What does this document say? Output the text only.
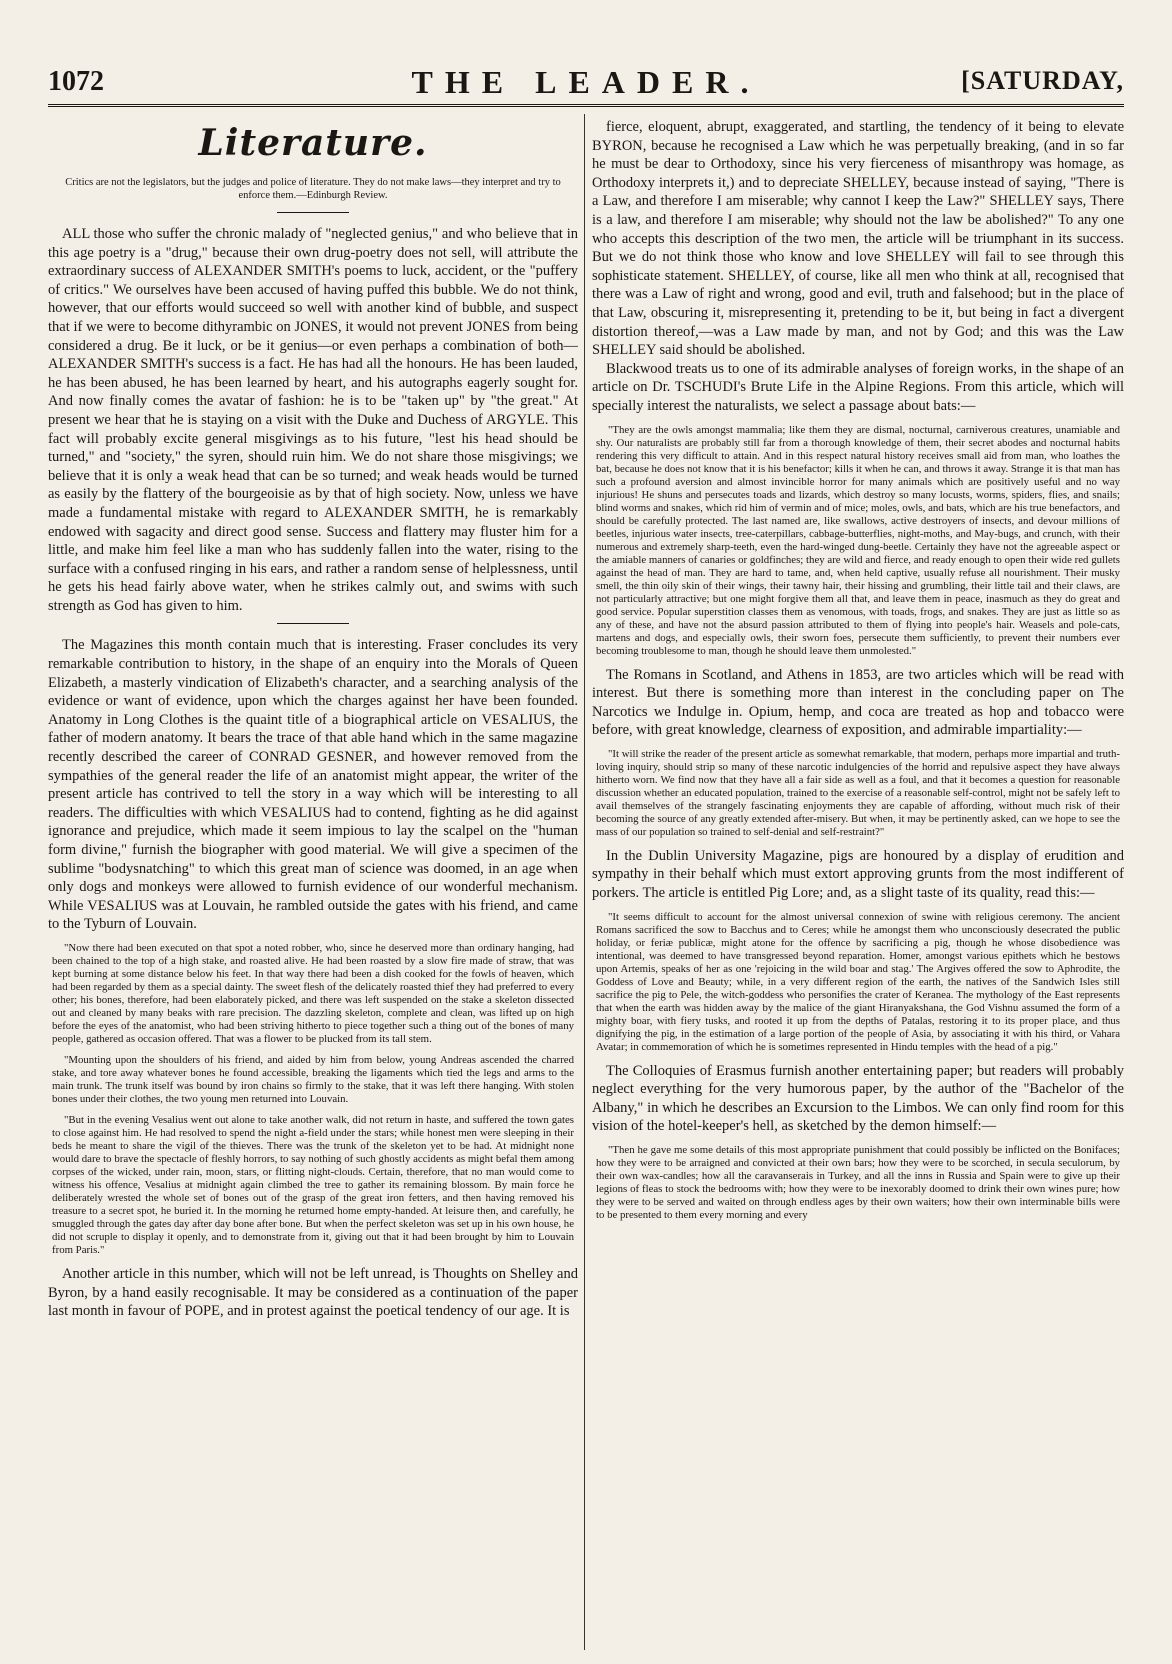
1072	THE LEADER.	[SATURDAY,
Literature.
Critics are not the legislators, but the judges and police of literature. They do not make laws—they interpret and try to enforce them.—Edinburgh Review.

ALL those who suffer the chronic malady of "neglected genius," and who believe that in this age poetry is a "drug," because their own drug-poetry does not sell, will attribute the extraordinary success of ALEXANDER SMITH's poems to luck, accident, or the "puffery of critics." We ourselves have been accused of having puffed this bubble. We do not think, however, that our efforts would succeed so well with another kind of bubble, and suspect that if we were to become dithyrambic on JONES, it would not prevent JONES from being considered a drug. Be it luck, or be it genius—or even perhaps a combination of both—ALEXANDER SMITH's success is a fact. He has had all the honours. He has been lauded, he has been abused, he has been learned by heart, and his autographs eagerly sought for. And now finally comes the avatar of fashion: he is to be "taken up" by "the great." At present we hear that he is staying on a visit with the Duke and Duchess of ARGYLE. This fact will probably excite general misgivings as to his future, "lest his head should be turned," and "society," the syren, should ruin him. We do not share those misgivings; we believe that it is only a weak head that can be so turned; and weak heads would be turned as easily by the flattery of the bourgeoisie as by that of high society. Now, unless we have made a fundamental mistake with regard to ALEXANDER SMITH, he is remarkably endowed with sagacity and direct good sense. Success and flattery may fluster him for a little, and make him feel like a man who has suddenly fallen into the water, rising to the surface with a confused ringing in his ears, and rather a random sense of helplessness, until he gets his head fairly above water, when he strikes calmly out, and swims with such strength as God has given to him.

The Magazines this month contain much that is interesting. Fraser concludes its very remarkable contribution to history, in the shape of an enquiry into the Morals of Queen Elizabeth, a masterly vindication of Elizabeth's character, and a searching analysis of the evidence or want of evidence, upon which the charges against her have been founded. Anatomy in Long Clothes is the quaint title of a biographical article on VESALIUS, the father of modern anatomy. It bears the trace of that able hand which in the same magazine recently described the career of CONRAD GESNER, and however removed from the sympathies of the general reader the life of an anatomist might appear, the writer of the present article has contrived to tell the story in a way which will be interesting to all readers. The difficulties with which VESALIUS had to contend, fighting as he did against ignorance and prejudice, which made it seem impious to lay the scalpel on the "human form divine," furnish the biographer with good material. We will give a specimen of the sublime "bodysnatching" to which this great man of science was doomed, in an age when only dogs and monkeys were allowed to furnish evidence of our wonderful mechanism. While VESALIUS was at Louvain, he rambled outside the gates with his friend, and came to the Tyburn of Louvain.

"Now there had been executed on that spot a noted robber, who, since he deserved more than ordinary hanging, had been chained to the top of a high stake, and roasted alive. He had been roasted by a slow fire made of straw, that was kept burning at some distance below his feet. In that way there had been a dish cooked for the fowls of heaven, which had been regarded by them as a special dainty. The sweet flesh of the delicately roasted thief they had preferred to every other; his bones, therefore, had been elaborately picked, and there was left suspended on the stake a skeleton dissected out and cleaned by many beaks with rare precision. The dazzling skeleton, complete and clean, was lifted up on high before the eyes of the anatomist, who had been striving hitherto to piece together such a thing out of the bones of many people, gathered as occasion offered. That was a flower to be plucked from its tall stem.

"Mounting upon the shoulders of his friend, and aided by him from below, young Andreas ascended the charred stake, and tore away whatever bones he found accessible, breaking the ligaments which tied the legs and arms to the main trunk. The trunk itself was bound by iron chains so firmly to the stake, that it was left there hanging. With stolen bones under their clothes, the two young men returned into Louvain.

"But in the evening Vesalius went out alone to take another walk, did not return in haste, and suffered the town gates to close against him. He had resolved to spend the night a-field under the stars; while honest men were sleeping in their beds he meant to share the vigil of the thieves. There was the trunk of the skeleton yet to be had. At midnight none would dare to brave the spectacle of fleshly horrors, to say nothing of such ghostly accidents as might befal them among corpses of the wicked, under rain, moon, stars, or flitting night-clouds. Certain, therefore, that no man would come to witness his offence, Vesalius at midnight again climbed the tree to gather its remaining blossom. By main force he deliberately wrested the whole set of bones out of the grasp of the great iron fetters, and then having removed his treasure to a secret spot, he buried it. In the morning he returned home empty-handed. At leisure then, and carefully, he smuggled through the gates day after day bone after bone. But when the perfect skeleton was set up in his own house, he did not scruple to display it openly, and to demonstrate from it, giving out that it had been brought by him to Louvain from Paris."

Another article in this number, which will not be left unread, is Thoughts on Shelley and Byron, by a hand easily recognisable. It may be considered as a continuation of the paper last month in favour of POPE, and in protest against the poetical tendency of our age. It is

fierce, eloquent, abrupt, exaggerated, and startling, the tendency of it being to elevate BYRON, because he recognised a Law which he was perpetually breaking, (and in so far he must be dear to Orthodoxy, since his very fierceness of misanthropy was homage, as Orthodoxy interprets it,) and to depreciate SHELLEY, because instead of saying, "There is a Law, and therefore I am miserable; why cannot I keep the Law?" SHELLEY says, There is a law, and therefore I am miserable; why should not the law be abolished?" To any one who accepts this description of the two men, the article will be triumphant in its success. But we do not think those who know and love SHELLEY will fail to see through this sophisticate statement. SHELLEY, of course, like all men who think at all, recognised that there was a Law of right and wrong, good and evil, truth and falsehood; but in the place of that Law, obscuring it, misrepresenting it, pretending to be it, but being in fact a divergent distortion thereof,—was a Law made by man, and not by God; and this was the Law SHELLEY said should be abolished.

Blackwood treats us to one of its admirable analyses of foreign works, in the shape of an article on Dr. TSCHUDI's Brute Life in the Alpine Regions. From this article, which will specially interest the naturalists, we select a passage about bats:—

"They are the owls amongst mammalia; like them they are dismal, nocturnal, carniverous creatures, unamiable and shy. Our naturalists are probably still far from a thorough knowledge of them, their secret abodes and nocturnal habits rendering this very difficult to attain. And in this respect natural history receives small aid from man, who loathes the bat, because he does not know that it is his benefactor; kills it when he can, and throws it away. Strange it is that man has such a profound aversion and almost invincible horror for many animals which are positively useful and no way injurious! He shuns and persecutes toads and lizards, which destroy so many locusts, worms, spiders, flies, and snails; blind worms and snakes, which rid him of vermin and of mice; moles, owls, and bats, which are his true benefactors, and should be carefully protected. The last named are, like swallows, active destroyers of insects, and devour millions of beetles, injurious water insects, tree-caterpillars, cabbage-butterflies, night-moths, and May-bugs, and crunch, with their numerous and extremely sharp-teeth, even the hard-winged dung-beetle. Certainly they have not the agreeable aspect or the amiable manners of canaries or goldfinches; they are wild and fierce, and ready enough to open their wide red gullets against the head of man. They are hard to tame, and, when held captive, usually refuse all nourishment. Their musky smell, the thin oily skin of their wings, their tawny hair, their hissing and grumbling, their little tail and their claws, are not particularly attractive; but one might forgive them all that, and leave them in peace, inasmuch as they do great and good service. Popular superstition classes them as venomous, with toads, frogs, and snakes. They are just as little so as any of these, and have not the absurd passion attributed to them of flying into people's hair. Weasels and pole-cats, martens and dogs, and especially owls, their sworn foes, persecute them sufficiently, to prevent their numbers ever becoming troublesome to man, though he should leave them unmolested."

The Romans in Scotland, and Athens in 1853, are two articles which will be read with interest. But there is something more than interest in the concluding paper on The Narcotics we Indulge in. Opium, hemp, and coca are treated as hop and tobacco were before, with great knowledge, clearness of exposition, and admirable impartiality:—

"It will strike the reader of the present article as somewhat remarkable, that modern, perhaps more impartial and truth-loving inquiry, should strip so many of these narcotic indulgencies of the horrid and repulsive aspect they have always hitherto worn. We find now that they have all a fair side as well as a foul, and that it becomes a question for reasonable discussion whether an educated population, trained to the exercise of a reasonable self-control, might not be safely left to avail themselves of the strangely fascinating enjoyments they are capable of affording, without much risk of their becoming the source of any greatly extended after-misery. But when, it may be pertinently asked, can we hope to see the mass of our population so trained to self-denial and self-restraint?"

In the Dublin University Magazine, pigs are honoured by a display of erudition and sympathy in their behalf which must extort approving grunts from the most indifferent of porkers. The article is entitled Pig Lore; and, as a slight taste of its quality, read this:—

"It seems difficult to account for the almost universal connexion of swine with religious ceremony. The ancient Romans sacrificed the sow to Bacchus and to Ceres; while he amongst them who unconsciously desecrated the public holiday, or feriæ publicæ, might atone for the offence by sacrificing a pig, though he whose disobedience was intentional, was deemed to have transgressed beyond reparation. Homer, amongst various epithets which he bestows upon Artemis, speaks of her as one 'rejoicing in the wild boar and stag.' The Argives offered the sow to Aphrodite, the Goddess of Love and Beauty; while, in a very different region of the earth, the natives of the Sandwich Isles still sacrifice the pig to Pele, the witch-goddess who personifies the crater of Keranea. The mythology of the East represents that when the earth was hidden away by the malice of the giant Hiranyakshana, the God Vishnu assumed the form of a mighty boar, with fiery tusks, and rooted it up from the depths of Patalas, restoring it to its proper place, and thus dignifying the pig, in the estimation of a large portion of the people of Asia, by associating it with his third, or Vahara Avatar; in commemoration of which he is sometimes represented in Hindu temples with the head of a pig."

The Colloquies of Erasmus furnish another entertaining paper; but readers will probably neglect everything for the very humorous paper, by the author of the "Bachelor of the Albany," in which he describes an Excursion to the Limbos. We can only find room for this vision of the hotel-keeper's hell, as sketched by the demon himself:—

"Then he gave me some details of this most appropriate punishment that could possibly be inflicted on the Bonifaces; how they were to be arraigned and convicted at their own bars; how they were to be scorched, in secula seculorum, by their own wax-candles; how all the caravanserais in Turkey, and all the inns in Russia and Spain were to give up their legions of fleas to stock the bedrooms with; how they were to be inexorably doomed to drink their own wines pure; how they were to be served and waited on through endless ages by their own waiters; how their own interminable bills were to be presented to them every morning and every
